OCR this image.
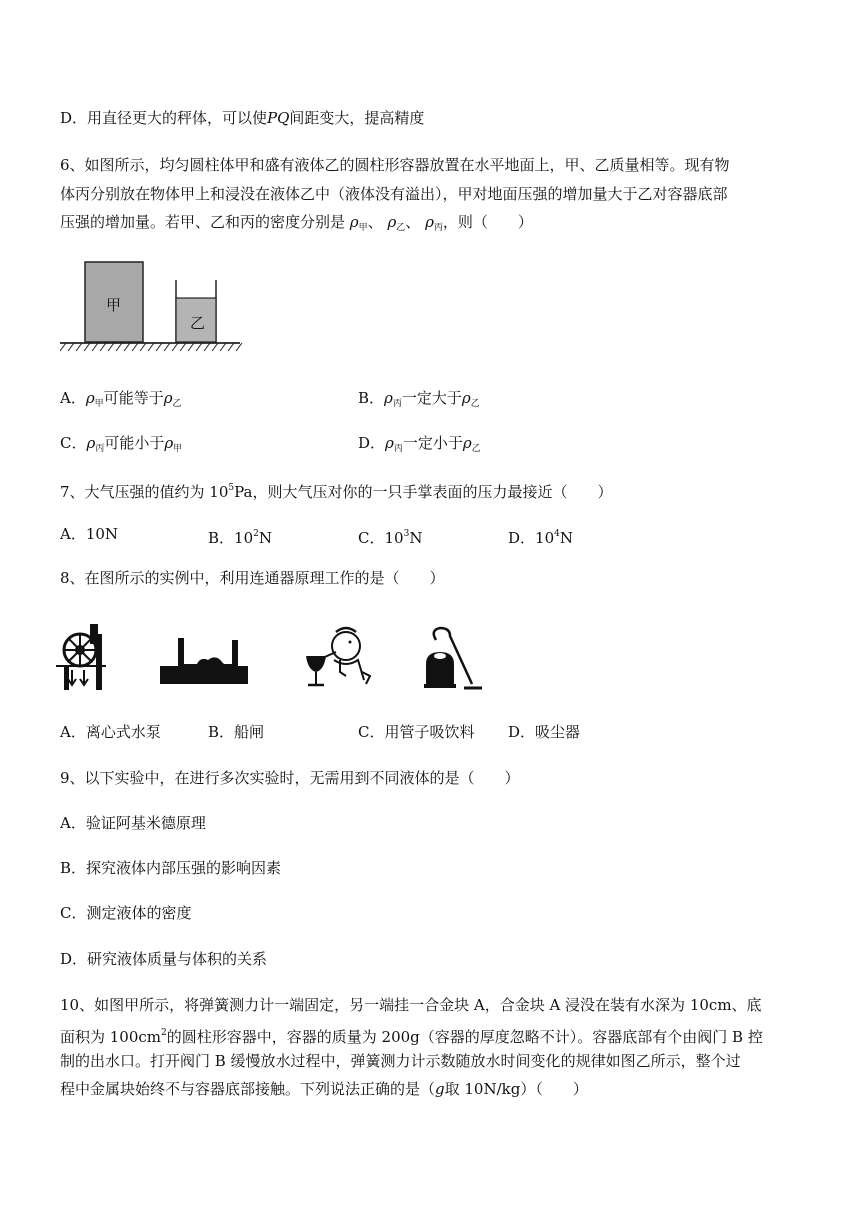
D．用直径更大的秤体，可以使PQ间距变大，提高精度
6、如图所示，均匀圆柱体甲和盛有液体乙的圆柱形容器放置在水平地面上，甲、乙质量相等。现有物
体丙分别放在物体甲上和浸没在液体乙中（液体没有溢出），甲对地面压强的增加量大于乙对容器底部
压强的增加量。若甲、乙和丙的密度分别是 $\rho_甲$、 $\rho_乙$、 $\rho_丙$，则（　　）
甲
乙
A．$\rho_甲$可能等于$\rho_乙$	B．$\rho_丙$一定大于$\rho_乙$
C．$\rho_丙$可能小于$\rho_甲$	D．$\rho_丙$一定小于$\rho_乙$
7、大气压强的值约为 $10^5Pa$，则大气压对你的一只手掌表面的压力最接近（　　）
A．10N	B．$10^2N$	C．$10^3N$	D．$10^4N$
8、在图所示的实例中，利用连通器原理工作的是（　　）
A．离心式水泵	B．船闸	C．用管子吸饮料 D．吸尘器
9、以下实验中，在进行多次实验时，无需用到不同液体的是（　　）
A．验证阿基米德原理
B．探究液体内部压强的影响因素
C．测定液体的密度
D．研究液体质量与体积的关系
10、如图甲所示，将弹簧测力计一端固定，另一端挂一合金块 A，合金块 A 浸没在装有水深为 10cm、底
面积为 $100cm^2$的圆柱形容器中，容器的质量为 200g（容器的厚度忽略不计）。容器底部有个由阀门 B 控
制的出水口。打开阀门 B 缓慢放水过程中，弹簧测力计示数随放水时间变化的规律如图乙所示，整个过
程中金属块始终不与容器底部接触。下列说法正确的是（g取 10N/kg）（　　）
